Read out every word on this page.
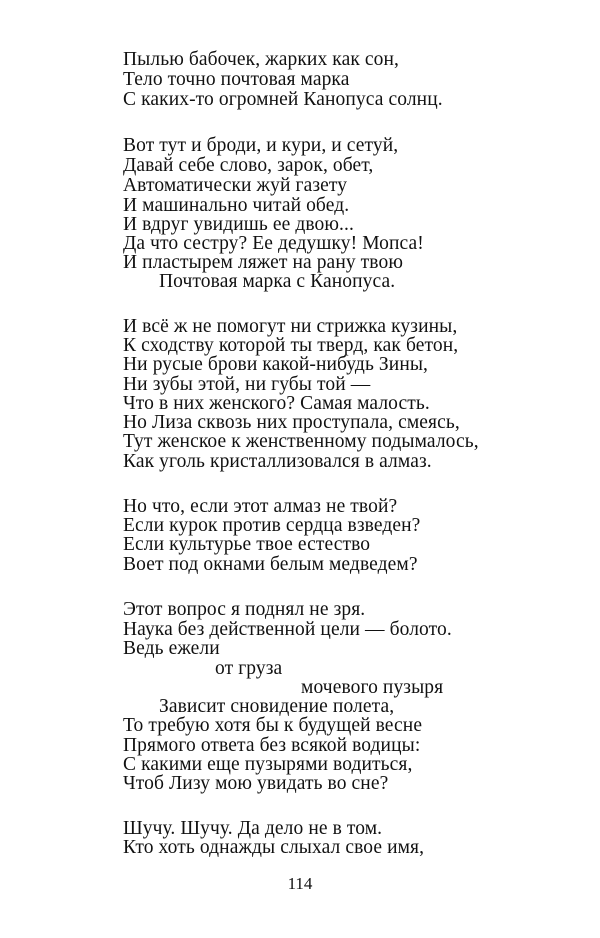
Пылью бабочек, жарких как сон,
Тело точно почтовая марка
С каких-то огромней Канопуса солнц.
Вот тут и броди, и кури, и сетуй,
Давай себе слово, зарок, обет,
Автоматически жуй газету
И машинально читай обед.
И вдруг увидишь ее двою...
Да что сестру? Ее дедушку! Мопса!
И пластырем ляжет на рану твою
Почтовая марка с Канопуса.
И всё ж не помогут ни стрижка кузины,
К сходству которой ты тверд, как бетон,
Ни русые брови какой-нибудь Зины,
Ни зубы этой, ни губы той —
Что в них женского? Самая малость.
Но Лиза сквозь них проступала, смеясь,
Тут женское к женственному подымалось,
Как уголь кристаллизовался в алмаз.
Но что, если этот алмаз не твой?
Если курок против сердца взведен?
Если культурье твое естество
Воет под окнами белым медведем?
Этот вопрос я поднял не зря.
Наука без действенной цели — болото.
Ведь ежели
от груза
мочевого пузыря
Зависит сновидение полета,
То требую хотя бы к будущей весне
Прямого ответа без всякой водицы:
С какими еще пузырями водиться,
Чтоб Лизу мою увидать во сне?
Шучу. Шучу. Да дело не в том.
Кто хоть однажды слыхал свое имя,
114
